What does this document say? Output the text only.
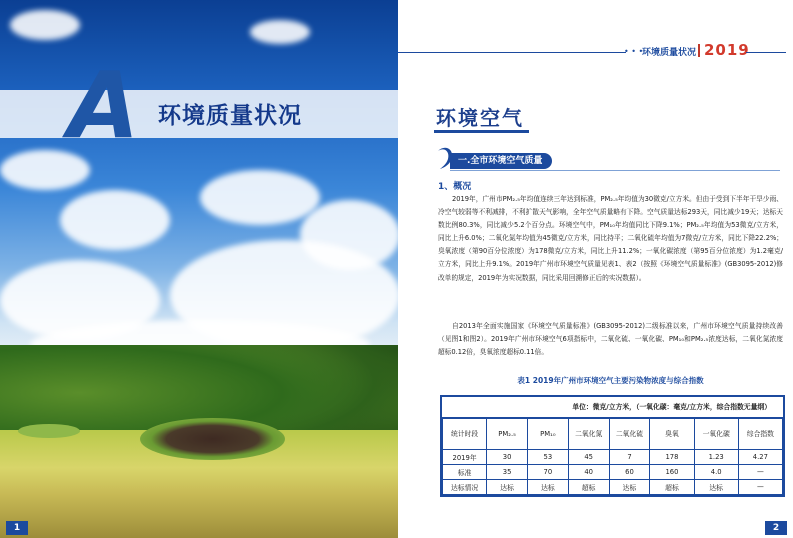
A 环境质量状况
1
• • •
环境质量状况 2019
环境空气
一.全市环境空气质量
1、概况
2019年，广州市PM₂.₅年均值连续三年达到标准，PM₂.₅年均值为30微克/立方米。但由于受到下半年干旱少雨、冷空气较弱等不利减排，不利扩散天气影响，全年空气质量略有下降。空气质量达标293天，同比减少19天；达标天数比例80.3%，同比减少5.2个百分点。环境空气中，PM₁₀年均值同比下降9.1%；PM₂.₅年均值为53微克/立方米，同比上升6.0%；二氧化氮年均值为45微克/立方米，同比持平；二氧化硫年均值为7微克/立方米，同比下降22.2%；臭氧浓度（第90百分位浓度）为178微克/立方米，同比上升11.2%；一氧化碳浓度（第95百分位浓度）为1.2毫克/立方米，同比上升9.1%。2019年广州市环境空气质量见表1、表2（按照《环境空气质量标准》(GB3095-2012)修改单的规定，2019年为实况数据，同比采用回溯修正后的实况数据）。
自2013年全面实施国家《环境空气质量标准》(GB3095-2012)二级标准以来，广州市环境空气质量持续改善（见图1和图2）。2019年广州市环境空气6项指标中，二氧化硫、一氧化碳、PM₁₀和PM₂.₅浓度达标，二氧化氮浓度超标0.12倍，臭氧浓度超标0.11倍。
表1 2019年广州市环境空气主要污染物浓度与综合指数
单位：微克/立方米，（一氧化碳：毫克/立方米，综合指数无量纲）
统计时段	PM₂.₅	PM₁₀	二氧化氮	二氧化硫	臭氧	一氧化碳	综合指数
2019年	30	53	45	7	178	1.23	4.27
标准	35	70	40	60	160	4.0	—
达标情况	达标	达标	超标	达标	超标	达标	—
2
